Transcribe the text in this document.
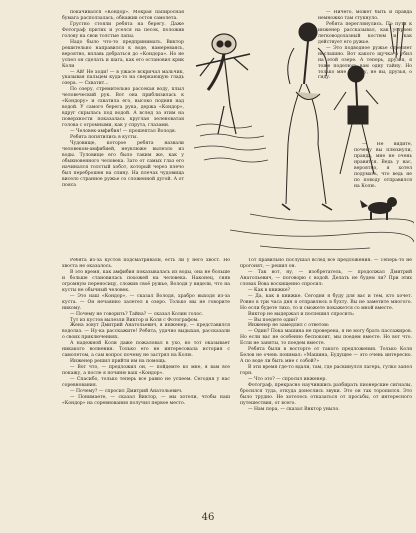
покачивался «Кондор». Мокрая папиросная бумага расползалась, обнажив остов самолета.

Грустно стояли ребята на берегу. Даже Фотограф притих и уселся на песок, положив голову на свои толстые лапы.

Надо было что-то предпринимать. Виктор решительно направился к воде, намереваясь, вероятно, вплавь добраться до «Кондора». Но не успел он сделать и шага, как его остановил крик Коли

— Ай! Не ходи! — в ужасе вскричал мальчик, указывая пальцем куда-то на сверкающую гладь озера. — Схватит...

По озеру, стремительно рассекая воду, плыл человеческий рук. Вот она приблизилась к «Кондору» и схватила его, высоко подняв над водой. У самого берега рука, держа «Кондор», вдруг скрылась под водой. А вслед за этим на поверхности показалась круглая зеленоватая голова с огромными, как у спрута, глазами.

— Человек-амфибия! — прошептал Володя.

Ребята попятились в кусты.

Чудовище, которое ребята назвали человеком-амфибией, неуклюже вылезло из воды. Туловище его было таким же, как у обыкновенного человека. Зато от самых глаз его начинался толстый хобот, который через плечо был переброшен на спину. На плечах чудовища висело странное ружье со сложенной дугой. А от пояса

— Ничего, может быть и правда немножко там стукнуло.

Ребята переглянулись. По пути к инженер рассказывал, как устроен легководолазный костюм и как действует его ружье.

— Это подводное ружье стреляет неслышно. Вот какого щучка в убил на этой озере. А теперь, друзья, я тоже поделюсь вам одну тайну. Но только мне самому, не вы, друзья, о гиду.

— Не видите, почему вы плюхнули, правда, мне не очень нравится. Ведь у вас, вероятно, я хотел подумать, что ведь не по поводу отправился на Колю.

Ребята из-за кустов подсматривали, есть ли у него хвост. Но хвоста не оказалось.

В это время, как амфибия показывалась из воды, она не больше и больше становилась похожей на человека. Наконец, сняв огромную переносицу, сложив своё ружье, Володя у видели, что на кусты не обычный человек.

— Это наш «Кондор», — сказал Володя, храбро выходя из-за куста. — Он нечаянно залетел в озеро. Только мы не говорите никому.

— Почему не говорить? Тайна? — сказал Колин голос.

Тут из кустов вылезли Виктор и Коля с Фотографом.

Жена зовут Дмитрий Анатольевич, я инженер, — представился водолаз. — Ну-ка расскажите! Ребята, удачно выдыхая, рассказали о своих приключениях.

А надежной Коли даже пожаловал в ухо, но тот оказывает никакого волнения. Только его не интересовала история с самолетом, а сам вопрос почему не застрял на Колю.

Инженер решил прийти им на помощь.

— Вот что, — предложил он, — пойдемте ко мне, я вам все покажу, а после я починю ваш «Кондор».

— Спасибо, только теперь все равно не успеем. Сегодня у нас соревнования.

— Почему? — спросил Дмитрий Анатольевич.

— Понимаете, — сказал Виктор, — мы хотели, чтобы наш «Кондор» на соревнования получил первое место.

Тот правильно послушал вслед все предложения. — Теперь-то не прогонят, — решил он.

— Так вот, ну, — изобретатель, — продолжал Дмитрий Анатольевич, — поговорю с водой. Делать не будем ли? При этих словах Вова восхищенно спросил:

— Как в книжке?

— Да, как в книжке. Сегодня я буду для вас и тем, кто хочет. Ровно в три часа дня я отправлюсь в бухту. Вы не заметите многого. Но если будете тихо, то и сможете покажется со мной вместе.

Виктор не выдержал и поспешил спросить:

— Вы поедете один?

Инженер не замедлил с ответом:

— Один? Пока машина не проверена, я не могу брать пассажиров. Но если вас не особенно беспокоит, мы поедем вместе. Но вот что. Если не заняты, то поедем вместе.

Ребята были в восторге от такого предложения. Только Коля Белов не очень понимал: «Машина, Будущее — это очень интересно. А по воде ли быть мне с собой?»

В эти время где-то вдали, там, где раскинулся лагерь, гулко запел горн.

— Что это? — спросил инженер.

Фотограф, прекрасно научившись разбирать пионерские сигналы, бросился туда, откуда донеслись звуки. Это он так торопился. Это было трудно. Не хотелось отказаться от просьбы, от интересного путешествия, от всего.

— Нам пора, — сказал Виктор уныло.

46
